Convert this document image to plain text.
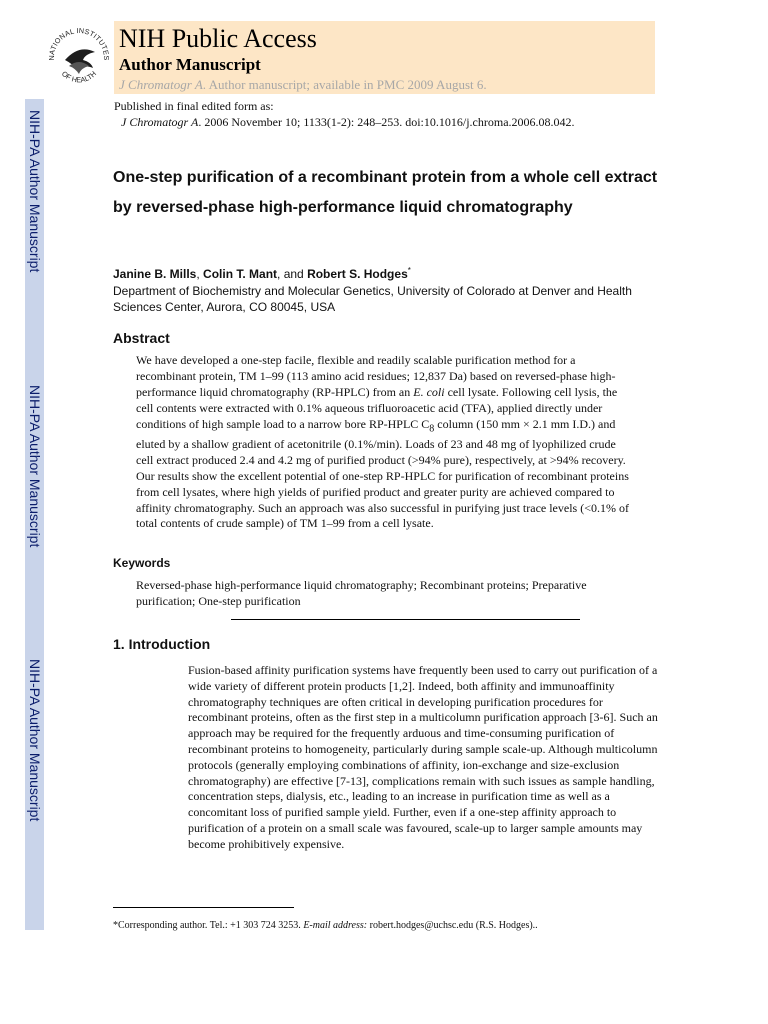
NIH-PA Author Manuscript
NIH-PA Author Manuscript
NIH-PA Author Manuscript
NATIONAL INSTITUTES
OF HEALTH
NIH Public Access
Author Manuscript
J Chromatogr A. Author manuscript; available in PMC 2009 August 6.
Published in final edited form as:
J Chromatogr A. 2006 November 10; 1133(1-2): 248–253. doi:10.1016/j.chroma.2006.08.042.
One-step purification of a recombinant protein from a whole cell extract by reversed-phase high-performance liquid chromatography
Janine B. Mills, Colin T. Mant, and Robert S. Hodges*
Department of Biochemistry and Molecular Genetics, University of Colorado at Denver and Health Sciences Center, Aurora, CO 80045, USA
Abstract
We have developed a one-step facile, flexible and readily scalable purification method for a recombinant protein, TM 1–99 (113 amino acid residues; 12,837 Da) based on reversed-phase high-performance liquid chromatography (RP-HPLC) from an E. coli cell lysate. Following cell lysis, the cell contents were extracted with 0.1% aqueous trifluoroacetic acid (TFA), applied directly under conditions of high sample load to a narrow bore RP-HPLC $C_8$ column (150 mm × 2.1 mm I.D.) and eluted by a shallow gradient of acetonitrile (0.1%/min). Loads of 23 and 48 mg of lyophilized crude cell extract produced 2.4 and 4.2 mg of purified product (>94% pure), respectively, at >94% recovery. Our results show the excellent potential of one-step RP-HPLC for purification of recombinant proteins from cell lysates, where high yields of purified product and greater purity are achieved compared to affinity chromatography. Such an approach was also successful in purifying just trace levels (<0.1% of total contents of crude sample) of TM 1–99 from a cell lysate.
Keywords
Reversed-phase high-performance liquid chromatography; Recombinant proteins; Preparative purification; One-step purification
1. Introduction
Fusion-based affinity purification systems have frequently been used to carry out purification of a wide variety of different protein products [1,2]. Indeed, both affinity and immunoaffinity chromatography techniques are often critical in developing purification procedures for recombinant proteins, often as the first step in a multicolumn purification approach [3-6]. Such an approach may be required for the frequently arduous and time-consuming purification of recombinant proteins to homogeneity, particularly during sample scale-up. Although multicolumn protocols (generally employing combinations of affinity, ion-exchange and size-exclusion chromatography) are effective [7-13], complications remain with such issues as sample handling, concentration steps, dialysis, etc., leading to an increase in purification time as well as a concomitant loss of purified sample yield. Further, even if a one-step affinity approach to purification of a protein on a small scale was favoured, scale-up to larger sample amounts may become prohibitively expensive.
*Corresponding author. Tel.: +1 303 724 3253. E-mail address: robert.hodges@uchsc.edu (R.S. Hodges)..
